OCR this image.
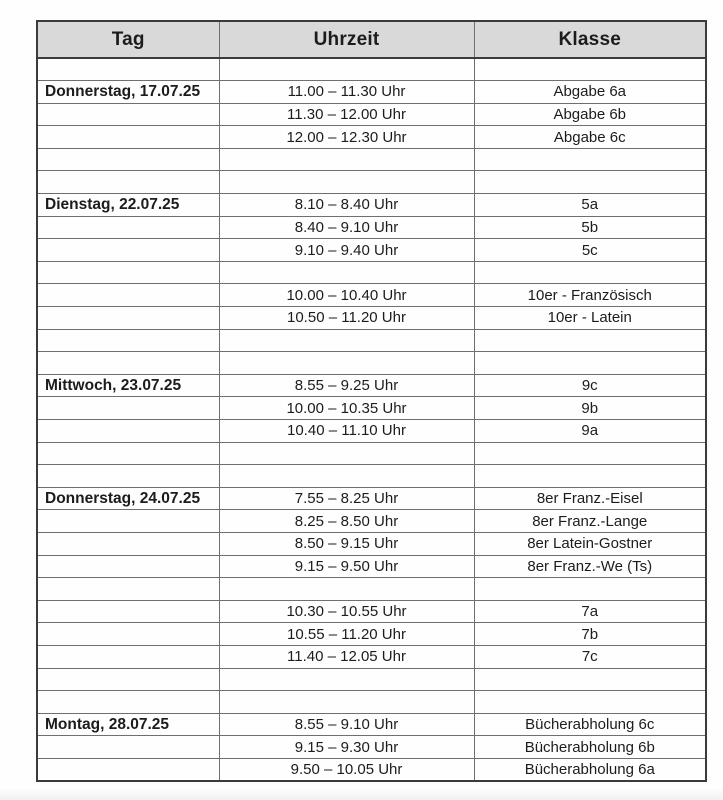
Tag	Uhrzeit	Klasse

Donnerstag, 17.07.25	11.00 – 11.30 Uhr	Abgabe 6a
	11.30 – 12.00 Uhr	Abgabe 6b
	12.00 – 12.30 Uhr	Abgabe 6c

Dienstag, 22.07.25	8.10 – 8.40 Uhr	5a
	8.40 – 9.10 Uhr	5b
	9.10 – 9.40 Uhr	5c

	10.00 – 10.40 Uhr	10er - Französisch
	10.50 – 11.20 Uhr	10er - Latein

Mittwoch, 23.07.25	8.55 – 9.25 Uhr	9c
	10.00 – 10.35 Uhr	9b
	10.40 – 11.10 Uhr	9a

Donnerstag, 24.07.25	7.55 – 8.25 Uhr	8er Franz.-Eisel
	8.25 – 8.50 Uhr	8er Franz.-Lange
	8.50 – 9.15 Uhr	8er Latein-Gostner
	9.15 – 9.50 Uhr	8er Franz.-We (Ts)

	10.30 – 10.55 Uhr	7a
	10.55 – 11.20 Uhr	7b
	11.40 – 12.05 Uhr	7c

Montag, 28.07.25	8.55 – 9.10 Uhr	Bücherabholung 6c
	9.15 – 9.30 Uhr	Bücherabholung 6b
	9.50 – 10.05 Uhr	Bücherabholung 6a
